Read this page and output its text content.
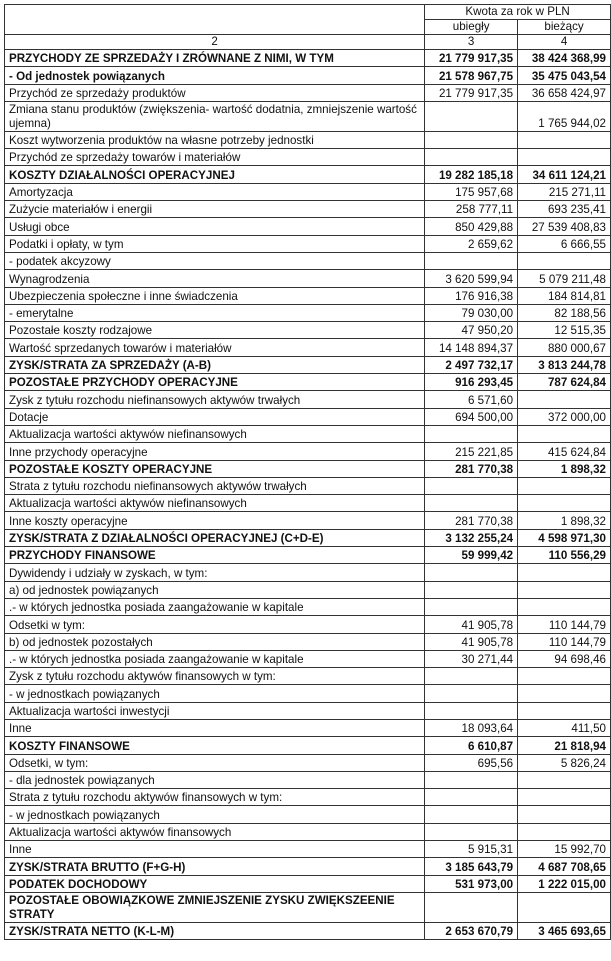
	Kwota za rok w PLN	
	ubiegły	bieżący
2	3	4
PRZYCHODY ZE SPRZEDAŻY I ZRÓWNANE Z NIMI, W TYM	21 779 917,35	38 424 368,99
- Od jednostek powiązanych	21 578 967,75	35 475 043,54
Przychód ze sprzedaży produktów	21 779 917,35	36 658 424,97
Zmiana stanu produktów (zwiększenia- wartość dodatnia, zmniejszenie wartość ujemna)		1 765 944,02
Koszt wytworzenia produktów na własne potrzeby jednostki		
Przychód ze sprzedaży towarów i materiałów		
KOSZTY DZIAŁALNOŚCI OPERACYJNEJ	19 282 185,18	34 611 124,21
Amortyzacja	175 957,68	215 271,11
Zużycie materiałów i energii	258 777,11	693 235,41
Usługi obce	850 429,88	27 539 408,83
Podatki i opłaty, w tym	2 659,62	6 666,55
- podatek akcyzowy		
Wynagrodzenia	3 620 599,94	5 079 211,48
Ubezpieczenia społeczne i inne świadczenia	176 916,38	184 814,81
- emerytalne	79 030,00	82 188,56
Pozostałe koszty rodzajowe	47 950,20	12 515,35
Wartość sprzedanych towarów i materiałów	14 148 894,37	880 000,67
ZYSK/STRATA ZA SPRZEDAŻY (A-B)	2 497 732,17	3 813 244,78
POZOSTAŁE PRZYCHODY OPERACYJNE	916 293,45	787 624,84
Zysk z tytułu rozchodu niefinansowych aktywów trwałych	6 571,60	
Dotacje	694 500,00	372 000,00
Aktualizacja wartości aktywów niefinansowych		
Inne przychody operacyjne	215 221,85	415 624,84
POZOSTAŁE KOSZTY OPERACYJNE	281 770,38	1 898,32
Strata z tytułu rozchodu niefinansowych aktywów trwałych		
Aktualizacja wartości aktywów niefinansowych		
Inne koszty operacyjne	281 770,38	1 898,32
ZYSK/STRATA Z DZIAŁALNOŚCI OPERACYJNEJ (C+D-E)	3 132 255,24	4 598 971,30
PRZYCHODY FINANSOWE	59 999,42	110 556,29
Dywidendy i udziały w zyskach, w tym:		
a) od jednostek powiązanych		
.- w których jednostka posiada zaangażowanie w kapitale		
Odsetki w tym:	41 905,78	110 144,79
b) od jednostek pozostałych	41 905,78	110 144,79
.- w których jednostka posiada zaangażowanie w kapitale	30 271,44	94 698,46
Zysk z tytułu rozchodu aktywów finansowych w tym:		
- w jednostkach powiązanych		
Aktualizacja wartości inwestycji		
Inne	18 093,64	411,50
KOSZTY FINANSOWE	6 610,87	21 818,94
Odsetki, w tym:	695,56	5 826,24
- dla jednostek powiązanych		
Strata z tytułu rozchodu aktywów finansowych w tym:		
- w jednostkach powiązanych		
Aktualizacja wartości aktywów finansowych		
Inne	5 915,31	15 992,70
ZYSK/STRATA BRUTTO (F+G-H)	3 185 643,79	4 687 708,65
PODATEK DOCHODOWY	531 973,00	1 222 015,00
POZOSTAŁE OBOWIĄZKOWE ZMNIEJSZENIE ZYSKU ZWIĘKSZEENIE STRATY		
ZYSK/STRATA NETTO (K-L-M)	2 653 670,79	3 465 693,65
